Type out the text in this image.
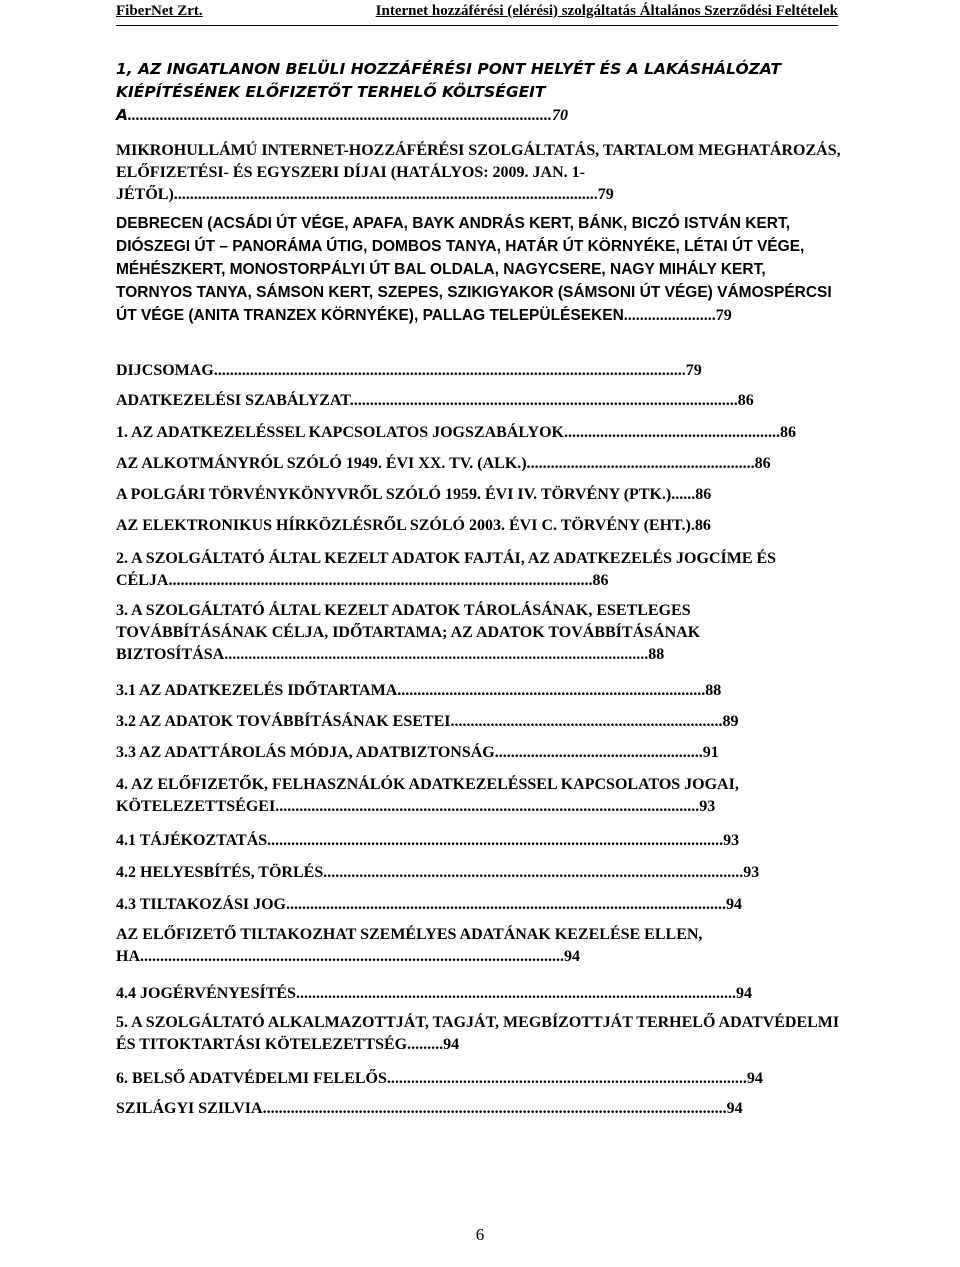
FiberNet Zrt.	Internet hozzáférési (elérési) szolgáltatás Általános Szerződési Feltételek
1, AZ INGATLANON BELÜLI HOZZÁFÉRÉSI PONT HELYÉT ÉS A LAKÁSHÁLÓZAT KIÉPÍTÉSÉNEK ELŐFIZETŐT TERHELŐ KÖLTSÉGEIT A..........................................................................................................70
6
MIKROHULLÁMÚ INTERNET-HOZZÁFÉRÉSI SZOLGÁLTATÁS, TARTALOM MEGHATÁROZÁS, ELŐFIZETÉSI- ÉS EGYSZERI DÍJAI (HATÁLYOS: 2009. JAN. 1-JÉTŐL)..........................................................................................................79
DEBRECEN (ACSÁDI ÚT VÉGE, APAFA, BAYK ANDRÁS KERT, BÁNK, BICZÓ ISTVÁN KERT, DIÓSZEGI ÚT – PANORÁMA ÚTIG, DOMBOS TANYA, HATÁR ÚT KÖRNYÉKE, LÉTAI ÚT VÉGE, MÉHÉSZKERT, MONOSTORPÁLYI ÚT BAL OLDALA, NAGYCSERE, NAGY MIHÁLY KERT, TORNYOS TANYA, SÁMSON KERT, SZEPES, SZIKIGYAKOR (SÁMSONI ÚT VÉGE) VÁMOSPÉRCSI ÚT VÉGE (ANITA TRANZEX KÖRNYÉKE), PALLAG TELEPÜLÉSEKEN.......................79
DIJCSOMAG......................................................................................................................79
ADATKEZELÉSI SZABÁLYZAT.................................................................................................86
1. AZ ADATKEZELÉSSEL KAPCSOLATOS JOGSZABÁLYOK......................................................86
AZ ALKOTMÁNYRÓL SZÓLÓ 1949. ÉVI XX. TV. (ALK.).........................................................86
A POLGÁRI TÖRVÉNYKÖNYVRŐL SZÓLÓ 1959. ÉVI IV. TÖRVÉNY (PTK.)......86
AZ ELEKTRONIKUS HÍRKÖZLÉSRŐL SZÓLÓ 2003. ÉVI C. TÖRVÉNY (EHT.).86
2. A SZOLGÁLTATÓ ÁLTAL KEZELT ADATOK FAJTÁI, AZ ADATKEZELÉS JOGCÍME ÉS CÉLJA..........................................................................................................86
3. A SZOLGÁLTATÓ ÁLTAL KEZELT ADATOK TÁROLÁSÁNAK, ESETLEGES TOVÁBBÍTÁSÁNAK CÉLJA, IDŐTARTAMA; AZ ADATOK TOVÁBBÍTÁSÁNAK BIZTOSÍTÁSA..........................................................................................................88
3.1 AZ ADATKEZELÉS IDŐTARTAMA.............................................................................88
3.2 AZ ADATOK TOVÁBBÍTÁSÁNAK ESETEI....................................................................89
3.3 AZ ADATTÁROLÁS MÓDJA, ADATBIZTONSÁG....................................................91
4. AZ ELŐFIZETŐK, FELHASZNÁLÓK ADATKEZELÉSSEL KAPCSOLATOS JOGAI, KÖTELEZETTSÉGEI..........................................................................................................93
4.1 TÁJÉKOZTATÁS..................................................................................................................93
4.2 HELYESBÍTÉS, TÖRLÉS.........................................................................................................93
4.3 TILTAKOZÁSI JOG..............................................................................................................94
AZ ELŐFIZETŐ TILTAKOZHAT SZEMÉLYES ADATÁNAK KEZELÉSE ELLEN, HA..........................................................................................................94
4.4 JOGÉRVÉNYESÍTÉS..............................................................................................................94
5. A SZOLGÁLTATÓ ALKALMAZOTTJÁT, TAGJÁT, MEGBÍZOTTJÁT TERHELŐ ADATVÉDELMI ÉS TITOKTARTÁSI KÖTELEZETTSÉG.........94
6. BELSŐ ADATVÉDELMI FELELŐS..........................................................................................94
SZILÁGYI SZILVIA....................................................................................................................94
